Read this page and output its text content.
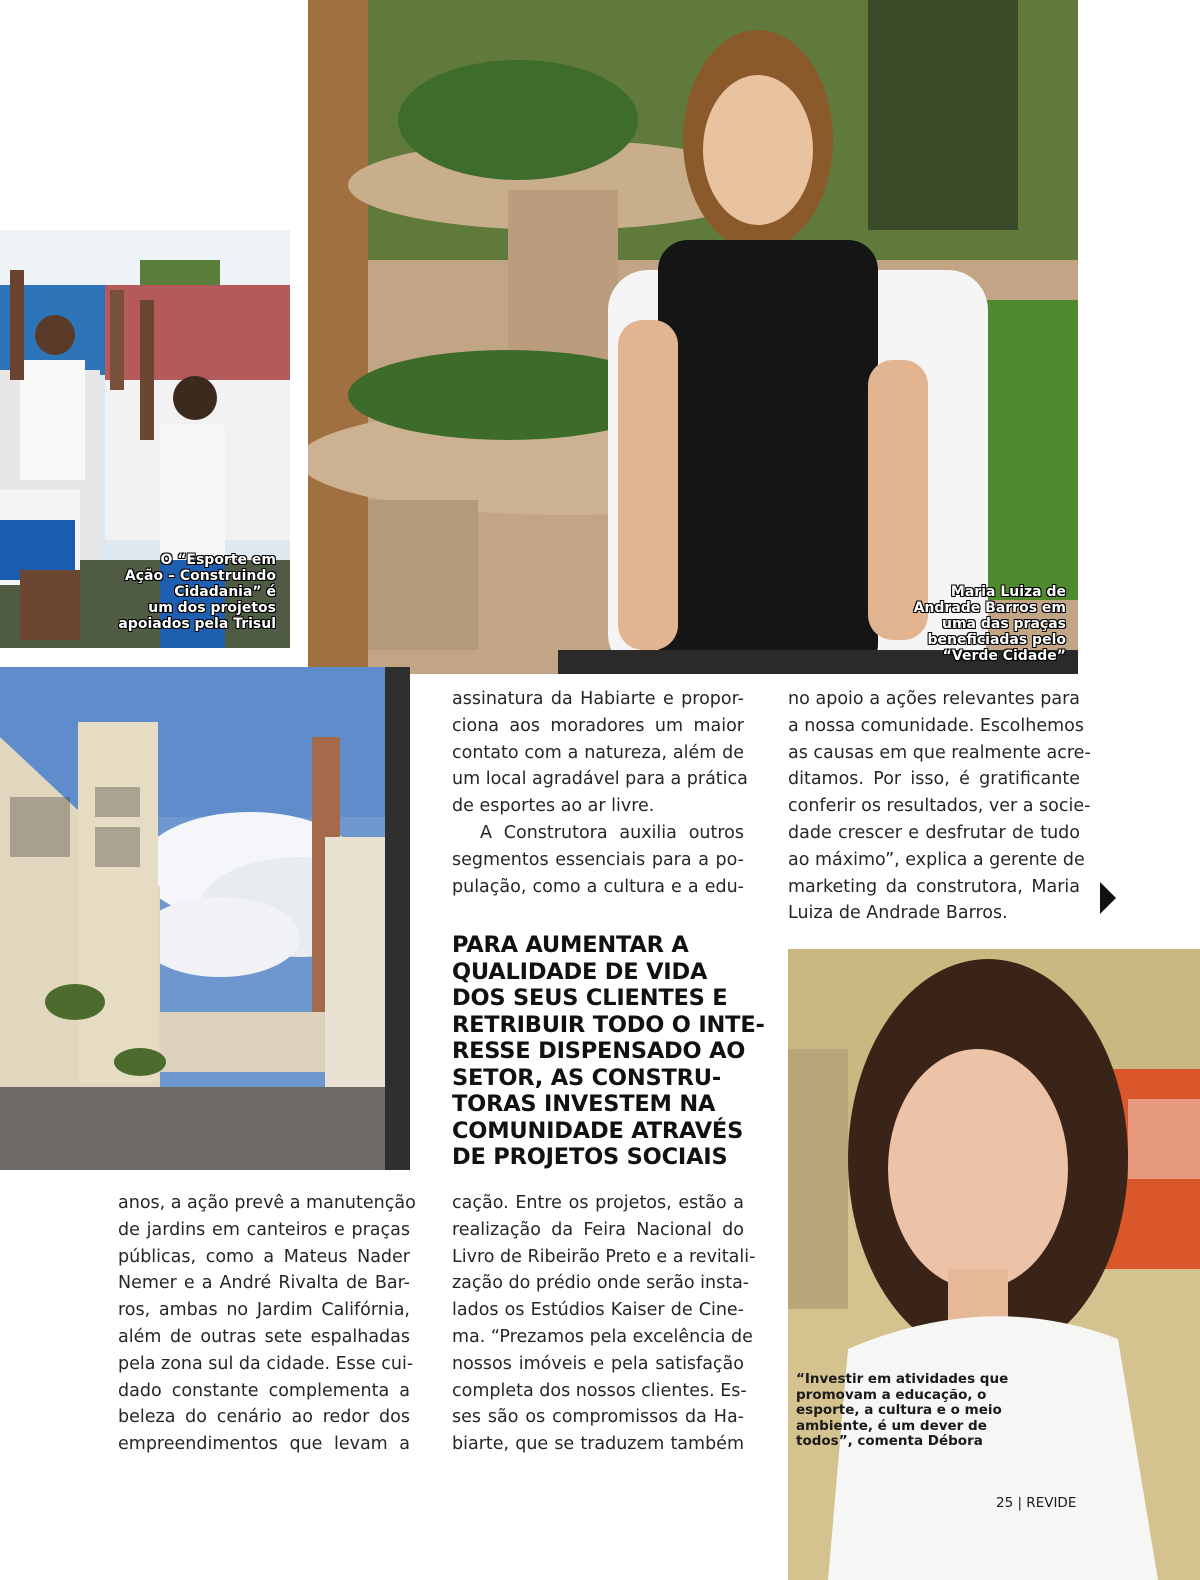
O “Esporte em
Ação – Construindo
Cidadania” é
um dos projetos
apoiados pela Trisul
Maria Luiza de
Andrade Barros em
uma das praças
beneficiadas pelo
“Verde Cidade”
assinatura da Habiarte e propor-
ciona aos moradores um maior
contato com a natureza, além de
um local agradável para a prática
de esportes ao ar livre.
A Construtora auxilia outros
segmentos essenciais para a po-
pulação, como a cultura e a edu-
no apoio a ações relevantes para
a nossa comunidade. Escolhemos
as causas em que realmente acre-
ditamos. Por isso, é gratificante
conferir os resultados, ver a socie-
dade crescer e desfrutar de tudo
ao máximo”, explica a gerente de
marketing da construtora, Maria
Luiza de Andrade Barros.
PARA AUMENTAR A
QUALIDADE DE VIDA
DOS SEUS CLIENTES E
RETRIBUIR TODO O INTE-
RESSE DISPENSADO AO
SETOR, AS CONSTRU-
TORAS INVESTEM NA
COMUNIDADE ATRAVÉS
DE PROJETOS SOCIAIS
anos, a ação prevê a manutenção
de jardins em canteiros e praças
públicas, como a Mateus Nader
Nemer e a André Rivalta de Bar-
ros, ambas no Jardim Califórnia,
além de outras sete espalhadas
pela zona sul da cidade. Esse cui-
dado constante complementa a
beleza do cenário ao redor dos
empreendimentos que levam a
cação. Entre os projetos, estão a
realização da Feira Nacional do
Livro de Ribeirão Preto e a revitali-
zação do prédio onde serão insta-
lados os Estúdios Kaiser de Cine-
ma. “Prezamos pela excelência de
nossos imóveis e pela satisfação
completa dos nossos clientes. Es-
ses são os compromissos da Ha-
biarte, que se traduzem também
“Investir em atividades que
promovam a educação, o
esporte, a cultura e o meio
ambiente, é um dever de
todos”, comenta Débora
25 | REVIDE
